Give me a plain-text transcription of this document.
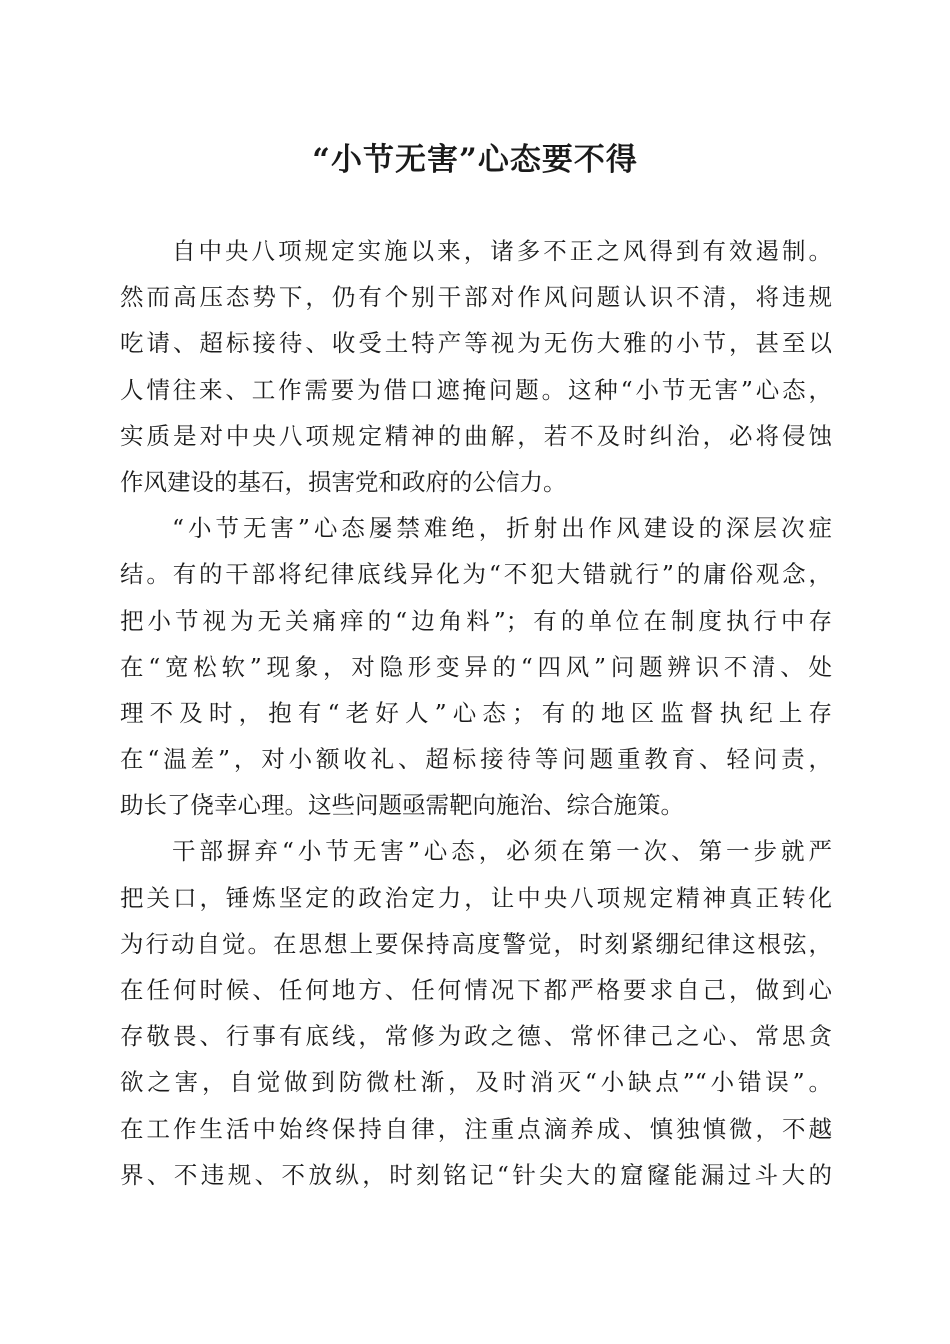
“小节无害”心态要不得
自中央八项规定实施以来，诸多不正之风得到有效遏制。
然而高压态势下，仍有个别干部对作风问题认识不清，将违规
吃请、超标接待、收受土特产等视为无伤大雅的小节，甚至以
人情往来、工作需要为借口遮掩问题。这种“小节无害”心态，
实质是对中央八项规定精神的曲解，若不及时纠治，必将侵蚀
作风建设的基石，损害党和政府的公信力。
“小节无害”心态屡禁难绝，折射出作风建设的深层次症
结。有的干部将纪律底线异化为“不犯大错就行”的庸俗观念，
把小节视为无关痛痒的“边角料”；有的单位在制度执行中存
在“宽松软”现象，对隐形变异的“四风”问题辨识不清、处
理不及时，抱有“老好人”心态；有的地区监督执纪上存
在“温差”，对小额收礼、超标接待等问题重教育、轻问责，
助长了侥幸心理。这些问题亟需靶向施治、综合施策。
干部摒弃“小节无害”心态，必须在第一次、第一步就严
把关口，锤炼坚定的政治定力，让中央八项规定精神真正转化
为行动自觉。在思想上要保持高度警觉，时刻紧绷纪律这根弦，
在任何时候、任何地方、任何情况下都严格要求自己，做到心
存敬畏、行事有底线，常修为政之德、常怀律己之心、常思贪
欲之害，自觉做到防微杜渐，及时消灭“小缺点”“小错误”。
在工作生活中始终保持自律，注重点滴养成、慎独慎微，不越
界、不违规、不放纵，时刻铭记“针尖大的窟窿能漏过斗大的
